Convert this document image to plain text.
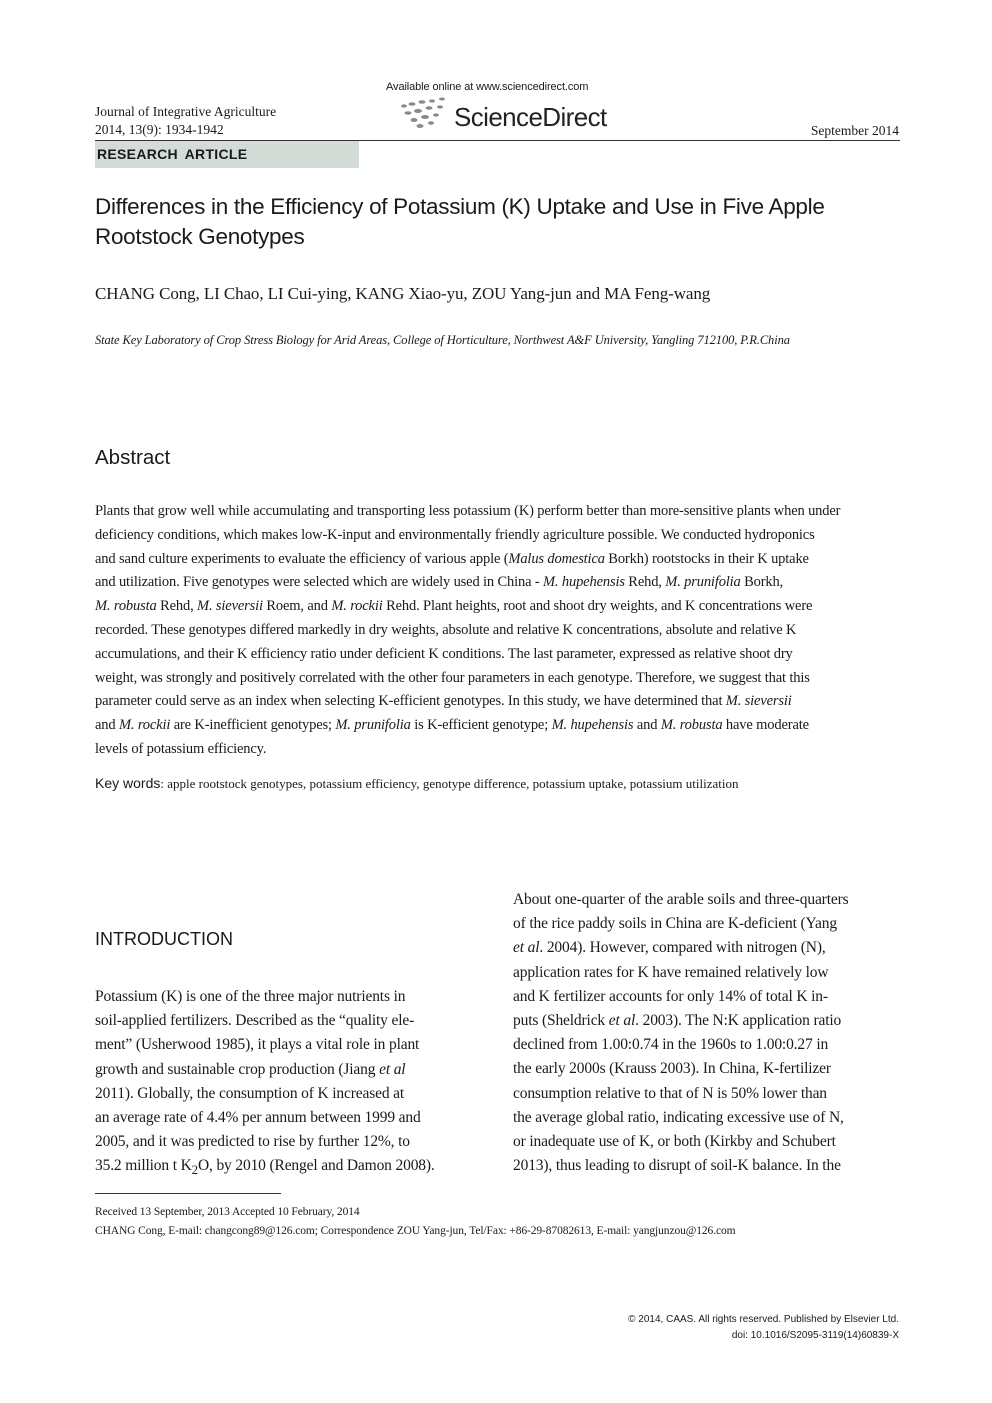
Journal of Integrative Agriculture
2014, 13(9): 1934-1942
Available online at www.sciencedirect.com
ScienceDirect	September 2014
RESEARCH ARTICLE
Differences in the Efficiency of Potassium (K) Uptake and Use in Five Apple Rootstock Genotypes
CHANG Cong, LI Chao, LI Cui-ying, KANG Xiao-yu, ZOU Yang-jun and MA Feng-wang
State Key Laboratory of Crop Stress Biology for Arid Areas, College of Horticulture, Northwest A&F University, Yangling 712100, P.R.China
Abstract
Plants that grow well while accumulating and transporting less potassium (K) perform better than more-sensitive plants when under
deficiency conditions, which makes low-K-input and environmentally friendly agriculture possible. We conducted hydroponics
and sand culture experiments to evaluate the efficiency of various apple (Malus domestica Borkh) rootstocks in their K uptake
and utilization. Five genotypes were selected which are widely used in China - M. hupehensis Rehd, M. prunifolia Borkh,
M. robusta Rehd, M. sieversii Roem, and M. rockii Rehd. Plant heights, root and shoot dry weights, and K concentrations were
recorded. These genotypes differed markedly in dry weights, absolute and relative K concentrations, absolute and relative K
accumulations, and their K efficiency ratio under deficient K conditions. The last parameter, expressed as relative shoot dry
weight, was strongly and positively correlated with the other four parameters in each genotype. Therefore, we suggest that this
parameter could serve as an index when selecting K-efficient genotypes. In this study, we have determined that M. sieversii
and M. rockii are K-inefficient genotypes; M. prunifolia is K-efficient genotype; M. hupehensis and M. robusta have moderate
levels of potassium efficiency.
Key words: apple rootstock genotypes, potassium efficiency, genotype difference, potassium uptake, potassium utilization
INTRODUCTION
Potassium (K) is one of the three major nutrients in
soil-applied fertilizers. Described as the “quality ele-
ment” (Usherwood 1985), it plays a vital role in plant
growth and sustainable crop production (Jiang et al
2011). Globally, the consumption of K increased at
an average rate of 4.4% per annum between 1999 and
2005, and it was predicted to rise by further 12%, to
35.2 million t $K_2O$, by 2010 (Rengel and Damon 2008).
About one-quarter of the arable soils and three-quarters
of the rice paddy soils in China are K-deficient (Yang
et al. 2004). However, compared with nitrogen (N),
application rates for K have remained relatively low
and K fertilizer accounts for only 14% of total K in-
puts (Sheldrick et al. 2003). The N:K application ratio
declined from 1.00:0.74 in the 1960s to 1.00:0.27 in
the early 2000s (Krauss 2003). In China, K-fertilizer
consumption relative to that of N is 50% lower than
the average global ratio, indicating excessive use of N,
or inadequate use of K, or both (Kirkby and Schubert
2013), thus leading to disrupt of soil-K balance. In the
Received 13 September, 2013 Accepted 10 February, 2014
CHANG Cong, E-mail: changcong89@126.com; Correspondence ZOU Yang-jun, Tel/Fax: +86-29-87082613, E-mail: yangjunzou@126.com
© 2014, CAAS. All rights reserved. Published by Elsevier Ltd.
doi: 10.1016/S2095-3119(14)60839-X
